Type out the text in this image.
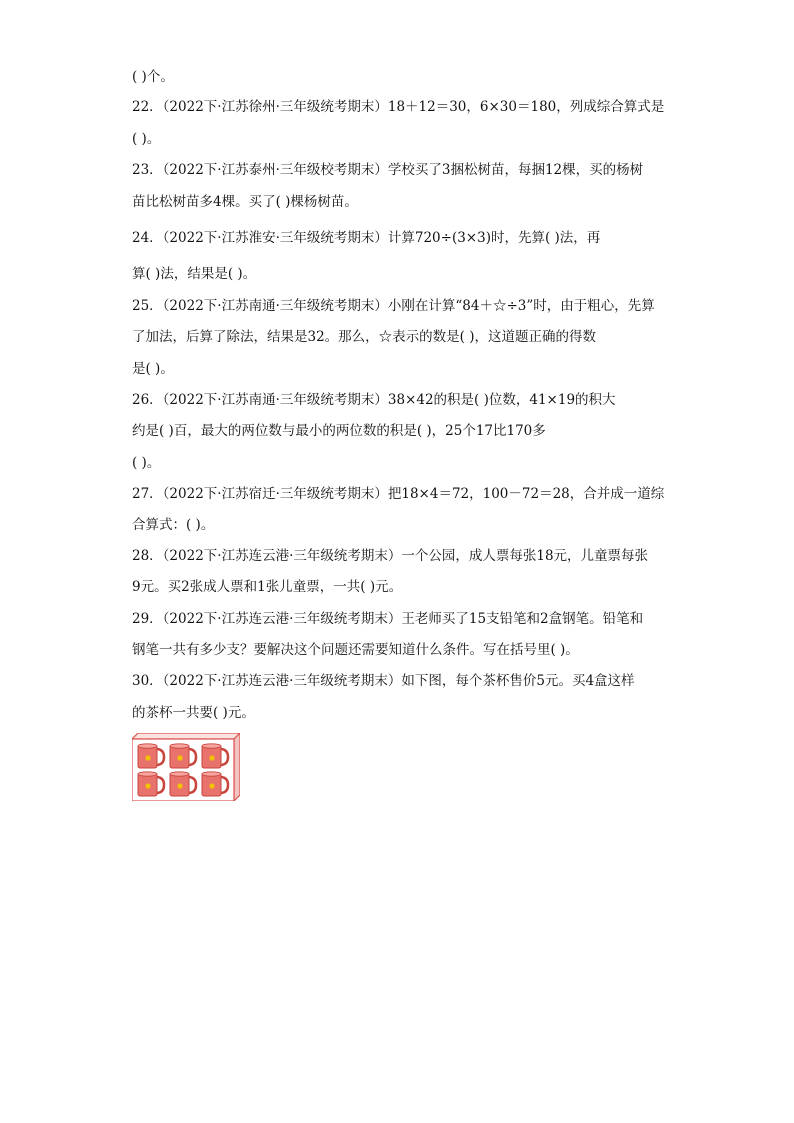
( )个。
22．（2022下·江苏徐州·三年级统考期末）18＋12＝30，6×30＝180，列成综合算式是
( )。
23．（2022下·江苏泰州·三年级校考期末）学校买了3捆松树苗，每捆12棵，买的杨树
苗比松树苗多4棵。买了( )棵杨树苗。
24．（2022下·江苏淮安·三年级统考期末）计算720÷(3×3)时，先算( )法，再
算( )法，结果是( )。
25．（2022下·江苏南通·三年级统考期末）小刚在计算“84＋☆÷3”时，由于粗心，先算
了加法，后算了除法，结果是32。那么，☆表示的数是( )，这道题正确的得数
是( )。
26．（2022下·江苏南通·三年级统考期末）38×42的积是( )位数，41×19的积大
约是( )百，最大的两位数与最小的两位数的积是( )，25个17比170多
( )。
27．（2022下·江苏宿迁·三年级统考期末）把18×4＝72，100－72＝28，合并成一道综
合算式：( )。
28．（2022下·江苏连云港·三年级统考期末）一个公园，成人票每张18元，儿童票每张
9元。买2张成人票和1张儿童票，一共( )元。
29．（2022下·江苏连云港·三年级统考期末）王老师买了15支铅笔和2盒钢笔。铅笔和
钢笔一共有多少支？要解决这个问题还需要知道什么条件。写在括号里( )。
30．（2022下·江苏连云港·三年级统考期末）如下图，每个茶杯售价5元。买4盒这样
的茶杯一共要( )元。
